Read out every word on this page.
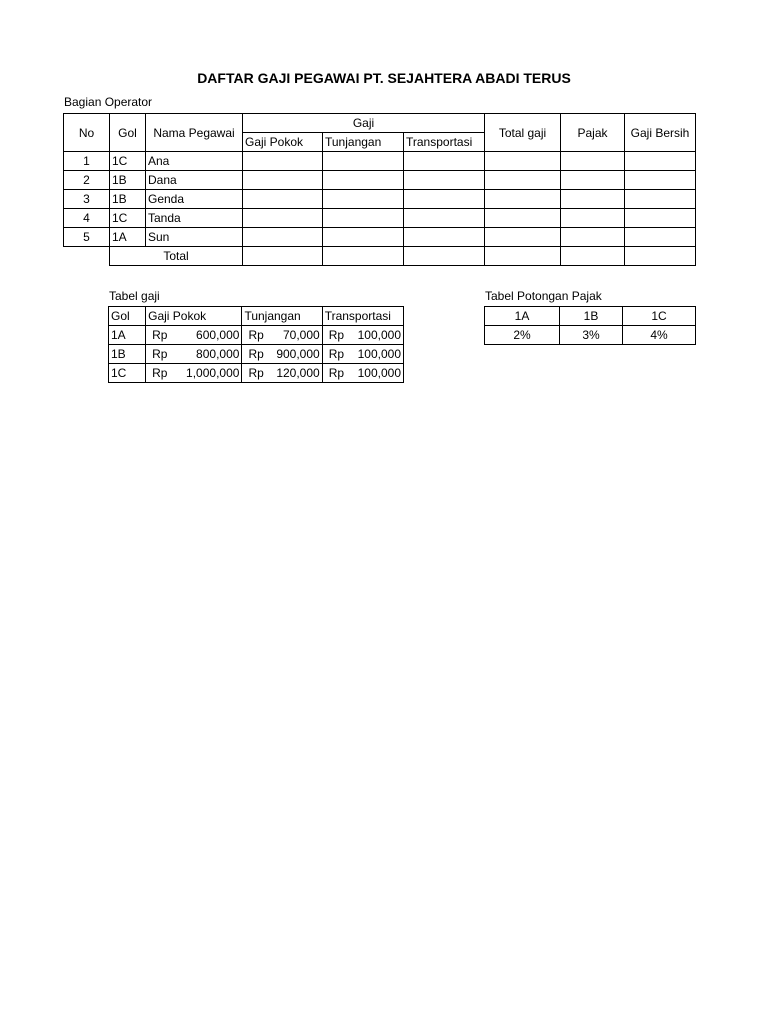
DAFTAR GAJI PEGAWAI PT. SEJAHTERA ABADI TERUS
Bagian Operator
No	Gol	Nama Pegawai	Gaji			Total gaji	Pajak	Gaji Bersih
			Gaji Pokok	Tunjangan	Transportasi			
1	1C	Ana						
2	1B	Dana						
3	1B	Genda						
4	1C	Tanda						
5	1A	Sun						
	Total							
Tabel gaji
Gol	Gaji Pokok	Tunjangan	Transportasi
1A	Rp 600,000	Rp 70,000	Rp 100,000

1B	Rp 800,000	Rp 900,000	Rp 100,000

1C	Rp 1,000,000	Rp 120,000	Rp 100,000
Tabel Potongan Pajak
1A	1B	1C
2%	3%	4%
